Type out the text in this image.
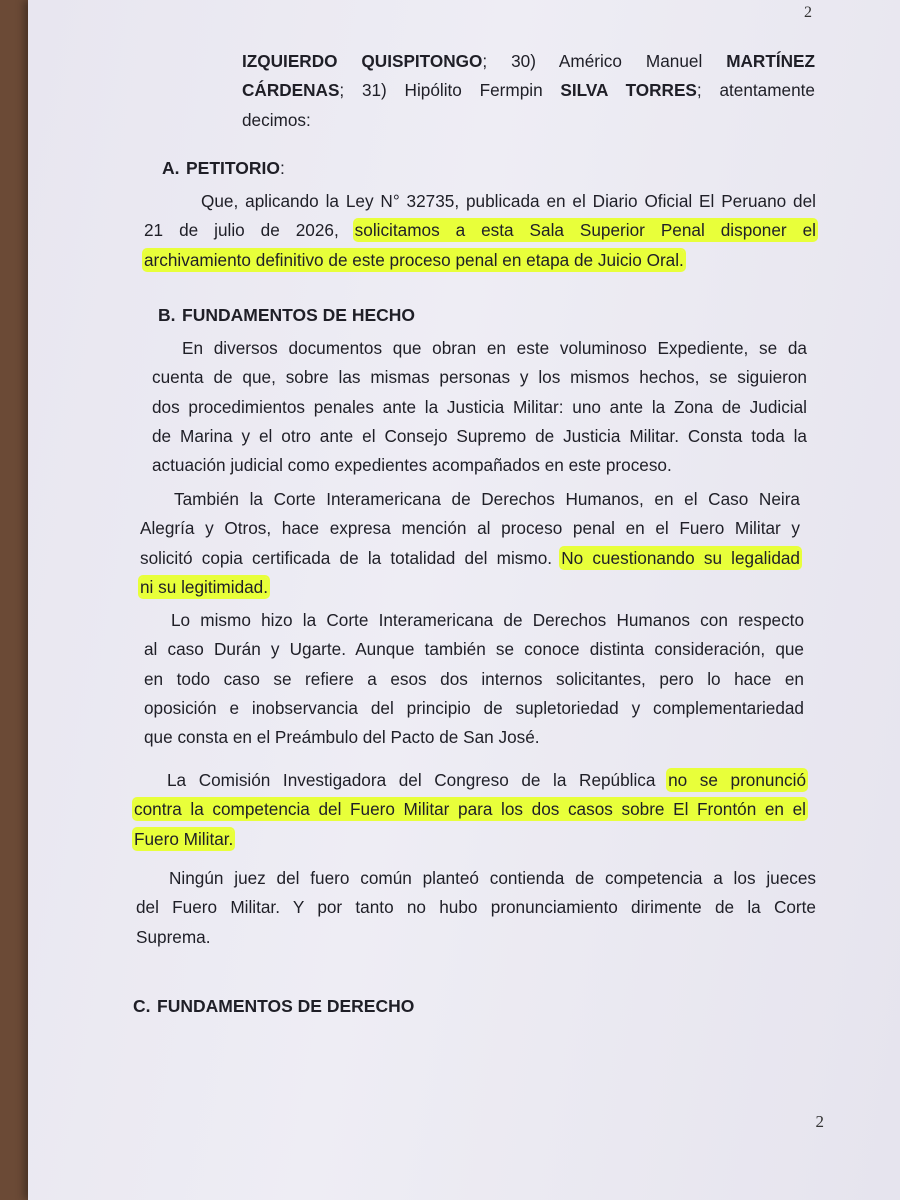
2
IZQUIERDO QUISPITONGO; 30) Américo Manuel MARTÍNEZ
CÁRDENAS; 31) Hipólito Fermpin SILVA TORRES; atentamente
decimos:
A. PETITORIO:
Que, aplicando la Ley N° 32735, publicada en el Diario Oficial El Peruano del
21 de julio de 2026, solicitamos a esta Sala Superior Penal disponer el
archivamiento definitivo de este proceso penal en etapa de Juicio Oral.
B. FUNDAMENTOS DE HECHO
En diversos documentos que obran en este voluminoso Expediente, se da
cuenta de que, sobre las mismas personas y los mismos hechos, se siguieron
dos procedimientos penales ante la Justicia Militar: uno ante la Zona de Judicial
de Marina y el otro ante el Consejo Supremo de Justicia Militar. Consta toda la
actuación judicial como expedientes acompañados en este proceso.
También la Corte Interamericana de Derechos Humanos, en el Caso Neira
Alegría y Otros, hace expresa mención al proceso penal en el Fuero Militar y
solicitó copia certificada de la totalidad del mismo. No cuestionando su legalidad
ni su legitimidad.
Lo mismo hizo la Corte Interamericana de Derechos Humanos con respecto
al caso Durán y Ugarte. Aunque también se conoce distinta consideración, que
en todo caso se refiere a esos dos internos solicitantes, pero lo hace en
oposición e inobservancia del principio de supletoriedad y complementariedad
que consta en el Preámbulo del Pacto de San José.
La Comisión Investigadora del Congreso de la República no se pronunció
contra la competencia del Fuero Militar para los dos casos sobre El Frontón en el
Fuero Militar.
Ningún juez del fuero común planteó contienda de competencia a los jueces
del Fuero Militar. Y por tanto no hubo pronunciamiento dirimente de la Corte
Suprema.
C. FUNDAMENTOS DE DERECHO
2
